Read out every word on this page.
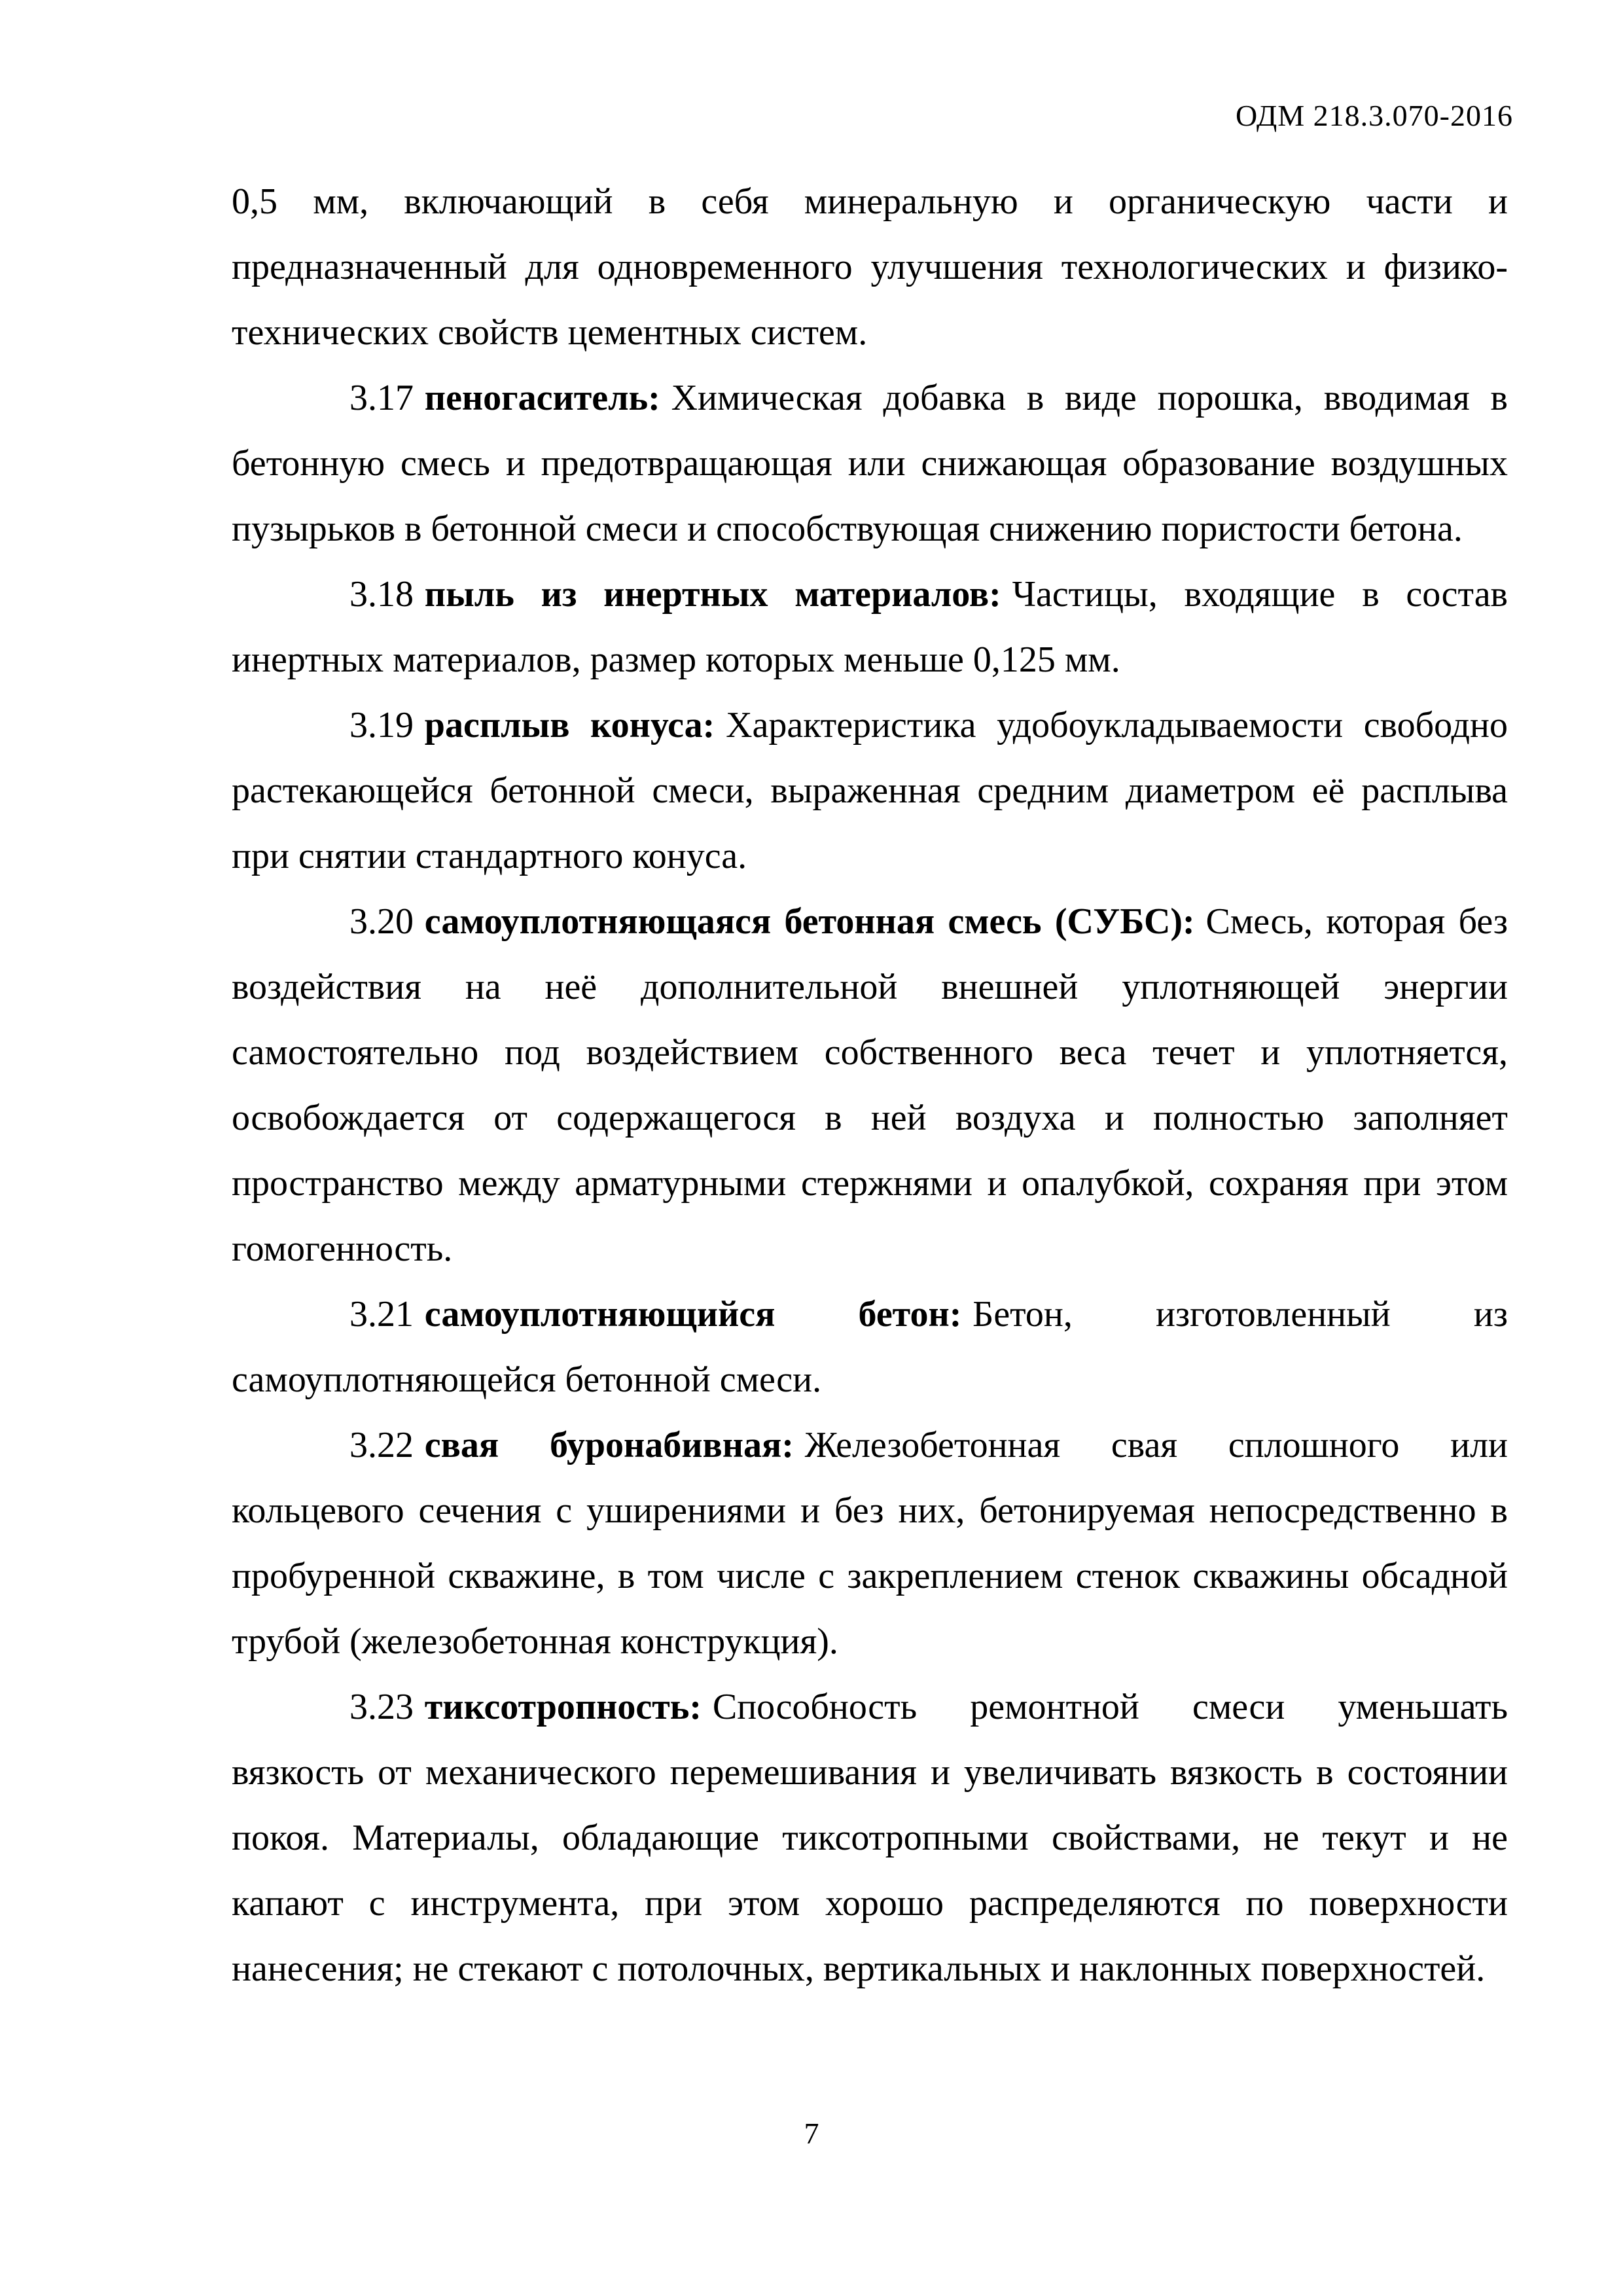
ОДМ 218.3.070-2016

0,5 мм, включающий в себя минеральную и органическую части и предназначенный для одновременного улучшения технологических и физико-технических свойств цементных систем.

3.17 пеногаситель: Химическая добавка в виде порошка, вводимая в бетонную смесь и предотвращающая или снижающая образование воздушных пузырьков в бетонной смеси и способствующая снижению пористости бетона.

3.18 пыль из инертных материалов: Частицы, входящие в состав инертных материалов, размер которых меньше 0,125 мм.

3.19 расплыв конуса: Характеристика удобоукладываемости свободно растекающейся бетонной смеси, выраженная средним диаметром её расплыва при снятии стандартного конуса.

3.20 самоуплотняющаяся бетонная смесь (СУБС): Смесь, которая без воздействия на неё дополнительной внешней уплотняющей энергии самостоятельно под воздействием собственного веса течет и уплотняется, освобождается от содержащегося в ней воздуха и полностью заполняет пространство между арматурными стержнями и опалубкой, сохраняя при этом гомогенность.

3.21 самоуплотняющийся бетон: Бетон, изготовленный из самоуплотняющейся бетонной смеси.

3.22 свая буронабивная: Железобетонная свая сплошного или кольцевого сечения с уширениями и без них, бетонируемая непосредственно в пробуренной скважине, в том числе с закреплением стенок скважины обсадной трубой (железобетонная конструкция).

3.23 тиксотропность: Способность ремонтной смеси уменьшать вязкость от механического перемешивания и увеличивать вязкость в состоянии покоя. Материалы, обладающие тиксотропными свойствами, не текут и не капают с инструмента, при этом хорошо распределяются по поверхности нанесения; не стекают с потолочных, вертикальных и наклонных поверхностей.

7
